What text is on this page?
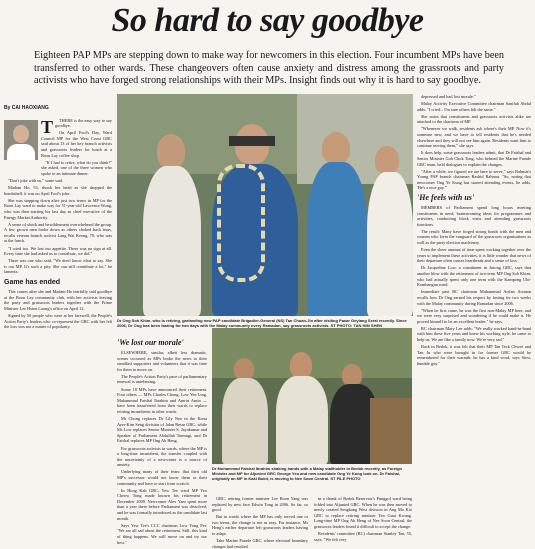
So hard to say goodbye
Eighteen PAP MPs are stepping down to make way for newcomers in this election. Four incumbent MPs have been transferred to other wards. These changeovers often cause anxiety and distress among the grassroots and party activists who have forged strong relationships with their MPs. Insight finds out why it is hard to say goodbye.
By CAI HAOXIANG
T	THERE is the easy way to say goodbye.

On April Fool's Day, Ward Council MP for the West Coast GRC said about 13 of her key branch activists and grassroots leaders for lunch at a Boon Lay coffee shop.

"If I had to retire, what do you think?" she asked, one of the three women who spoke to an intimate dinner.

"Don't joke with us," some said.

Madam Ho, 53, shook her head as she dropped the bombshell: it was no April Fool's joke.

She was stepping down after just two terms in MP for the Boon Lay ward to make way for 51-year-old Lawrence Wong, who was then starting his last day as chief executive of the Energy Market Authority.

A sense of shock and bewilderment overwhelmed the group. A few grown men broke down as others choked back tears, recalls veteran branch activist Lang Wai Keong, 70, who was at the lunch.

"I cried too. We lost our appetite. There was no sign at all. Every time she had asked us to contribute, we did."

There was one who said, "We don't know what to say. She is our MP. It's such a pity. She can still contribute a lot," he laments.

Game has ended

This comes after she and Madam Ho tearfully said goodbye at the Boon Lay community club, with her activists leaving the party and grassroots leaders together with the Prime Minister Lee Hsien Loong's office on April 12.

Signed by 50 people who were at her farewell, the People's Action Party's leaders who co-represent the GRC with her felt the loss was not a matter of popularity.

Dr Ong Soh Khim, who is retiring, garlanding new PAP candidate Brigadier-General (NS) Tan Chuan-Jin after visiting Pasar Geylang Serai recently. Since 2006, Dr Ong has been fasting for two days with the Malay community every Ramadan, say grassroots activists. ST PHOTO: TAN HIM SHEN
'We lost our morale'

ELSEWHERE, similar, albeit less dramatic, scenes occurred as MPs broke the news to their steadfast supporters and volunteers that it was time for them to move on.

The People's Action Party's pace of parliamentary renewal is unrelenting.

Some 18 MPs have announced their retirement. Four others — MPs Charles Chong, Low Yen Ling, Muhammad Faishal Ibrahim and Amrin Amin — have been transferred from their wards to replace retiring incumbents in other wards.

Mr Chong replaces Dr Lily Neo in the Kreta Ayer-Kim Seng division of Jalan Besar GRC, while Ms Low replaces Senior Minister S. Jayakumar and Speaker of Parliament Abdullah Tarmugi, and Dr Faishal replaces MP Ong Ah Heng.

For grassroots activists in wards, where the MP is a long-time incumbent, the transfer coupled with the uncertainty of a newcomer is a source of anxiety.

Underlying many of their fears: that their old MP's successor would not know them or their community and have to start from scratch.

In Hong Kah GRC, Yew Tee ward MP Yeo Cheow Tong made known his retirement in December 2009. Newcomer Alex Yam spent more than a year there before Parliament was dissolved, and he was formally introduced as the candidate last month.

Says Yew Tee's CCC chairman Low Yong Pei: "We are all sad about the retirement. Still, this kind of thing happens. We will move on and try our best."

Dr Muhammad Faishal Ibrahim shaking hands with a Malay stallholder in Bedok recently, as Foreign Minister and MP for Aljunied GRC George Yeo and new candidate Ong Ye Kung look on. Dr Faishal, originally an MP in Kaki Bukit, is moving to Nee Soon Central. ST FILE PHOTO

GRC, retiring former minister Lee Boon Yang was replaced by new face Edwin Tong in 2006. So far, so good.

But in wards where the MP has only served one or two terms, the change is not as easy. For instance, Mr Heng's earlier departure left grassroots leaders having to adapt.

Take Marine Parade GRC, where electoral boundary changes had resulted

in a chunk of Bedok Reservoir's Punggol ward being folded into Aljunied GRC. When he was then moved to newly created Sengkang West division in Ang Mo Kio GRC to replace retiring minister Yeo Guat Kwang. Long-time MP Ong Ah Heng of Nee Soon Central, the grassroots leaders found it difficult to accept the change.

Residents' committee (RC) chairman Stanley Tan, 55, says: "We felt very

depressed and had lost morale."

Malay Activity Executive Committee chairman Sanifah Abdul adds: "I cried... I'm sure others felt the same."

She notes that constituents and grassroots activists alike are attached to the charisma of MP.

"Whenever we walk, residents ask where's their MP. Now it's someone new, and we have to tell residents that he's needed elsewhere and they will not see him again. Residents want him to continue serving them," she says.

It does help, some grassroots leaders admit, that Dr Faishal and Senior Minister Goh Chok Tong, who helmed the Marine Parade GRC team, held dialogues to explain the changes.

"After a while, we figured we are here to serve," says Rahmat's Young PAP branch chairman Rashid Rahmat. "So, noting that newcomer Ong Ye Kung has started attending events, he adds, 'He's a nice guy.'"

'He feels with us'

MEMBERS of Parliament spend long hours meeting constituents in need, brainstorming ideas for programmes and activities, conducting block visits and attending grassroots functions.

The result: Many have forged strong bonds with the men and women who form the vanguard of the grassroots organisations as well as the party election machinery.

Even the sheer amount of time spent working together over the years to implement these activities, it is little wonder that news of their departure often causes heartbreak and a sense of loss.

Dr Jacqueline Low, a constituent in Jurong GRC, says that another blow with the retirement of two-term MP Ong Soh Khim, who had actually spent only one term with the Kampong Ubi-Kembangan ward.

Immediate past RC chairman Muhammad Arifan Arsman recalls how Dr Ong earned his respect by fasting for two weeks with the Malay community during Ramadan since 2006.

"When he first came, he was the first non-Malay MP here, and we were very surprised and wondering if he could make it. He proved himself to be an excellent leader," he says.

RC chairman Mary Lee adds: "We really worked hand-in-hand with him these five years and knew his working style, he came to help us. We are like a family now. We're very sad."

Back in Bedok, it was felt that their MP Tan Teck Chwee and Tan Ju who were brought in for former GRC would be remembered for their warmth: he has a kind word, says Siew, humble guy."
